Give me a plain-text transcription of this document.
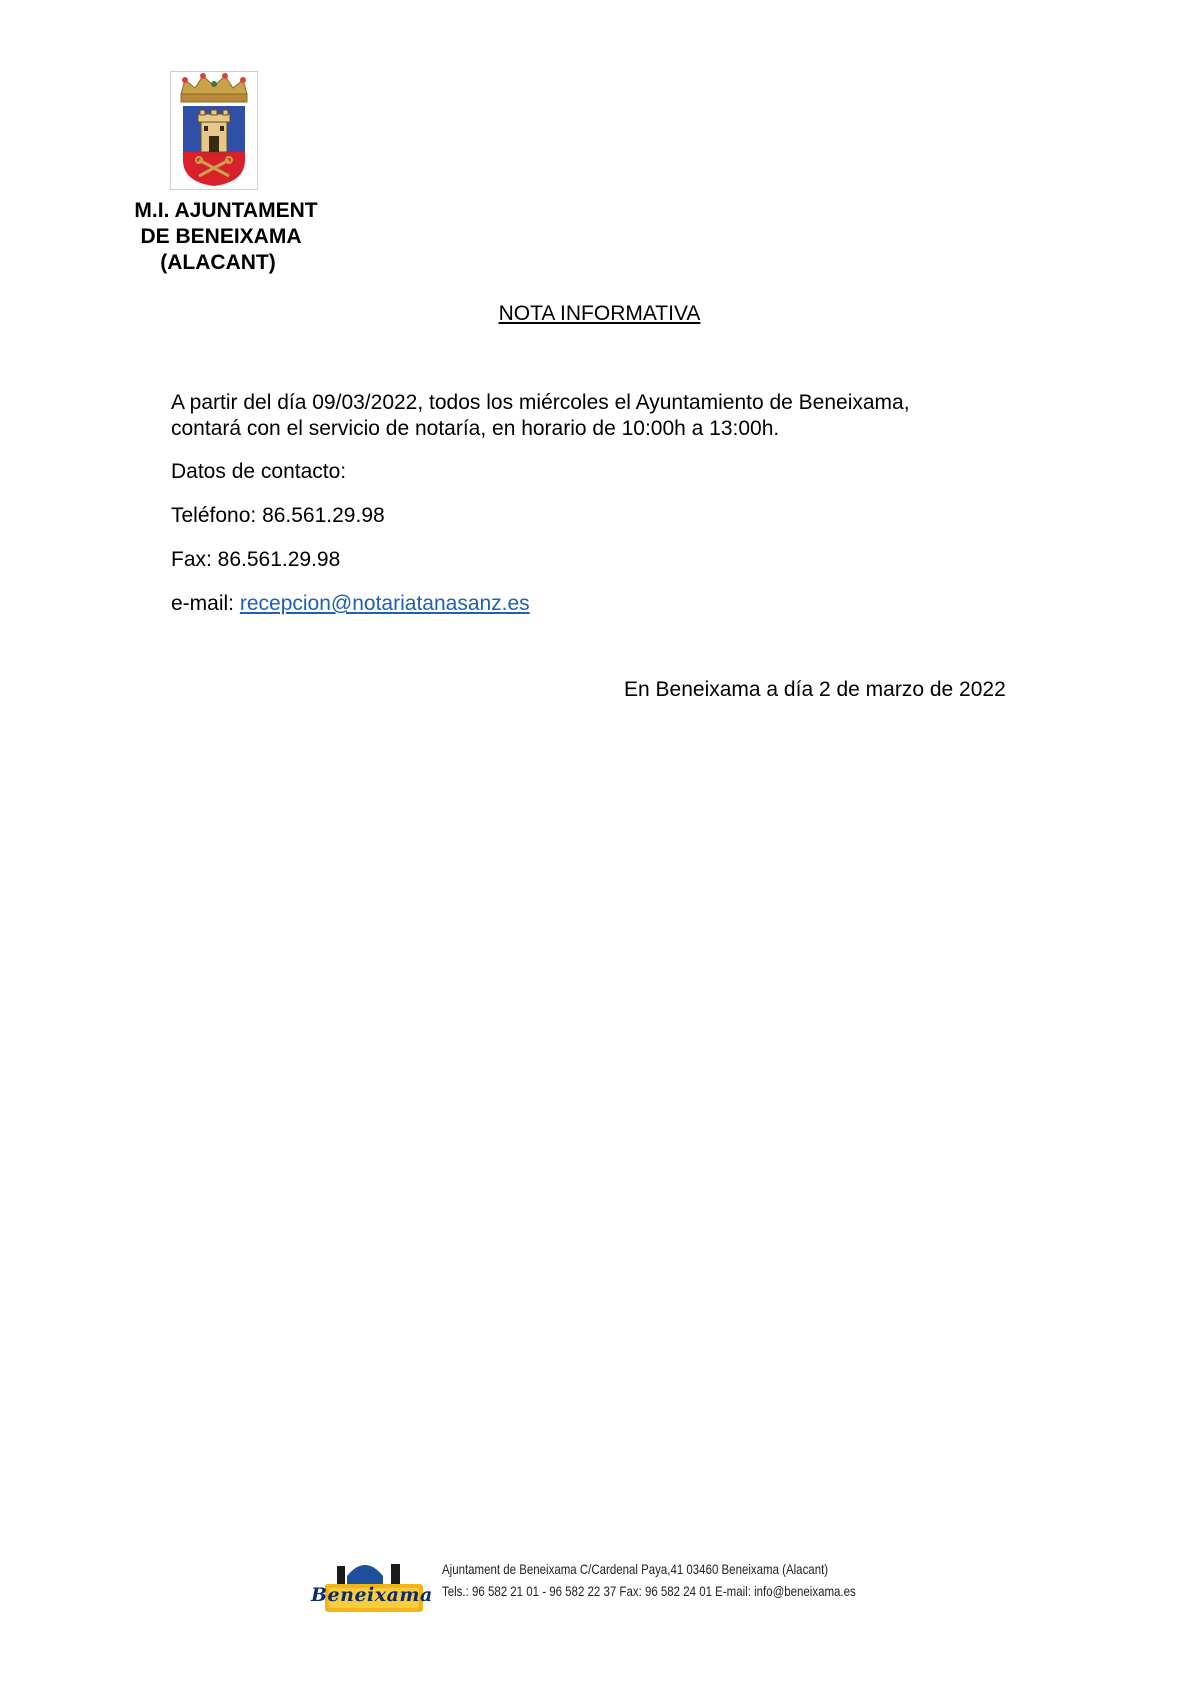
M.I. AJUNTAMENT
DE BENEIXAMA
(ALACANT)
NOTA INFORMATIVA

A partir del día 09/03/2022, todos los miércoles el Ayuntamiento de Beneixama,
contará con el servicio de notaría, en horario de 10:00h a 13:00h.

Datos de contacto:

Teléfono: 86.561.29.98

Fax: 86.561.29.98

e-mail: recepcion@notariatanasanz.es

En Beneixama a día 2 de marzo de 2022
Beneixama
Ajuntament de Beneixama C/Cardenal Paya,41 03460 Beneixama (Alacant)
Tels.: 96 582 21 01 - 96 582 22 37 Fax: 96 582 24 01 E-mail: info@beneixama.es
